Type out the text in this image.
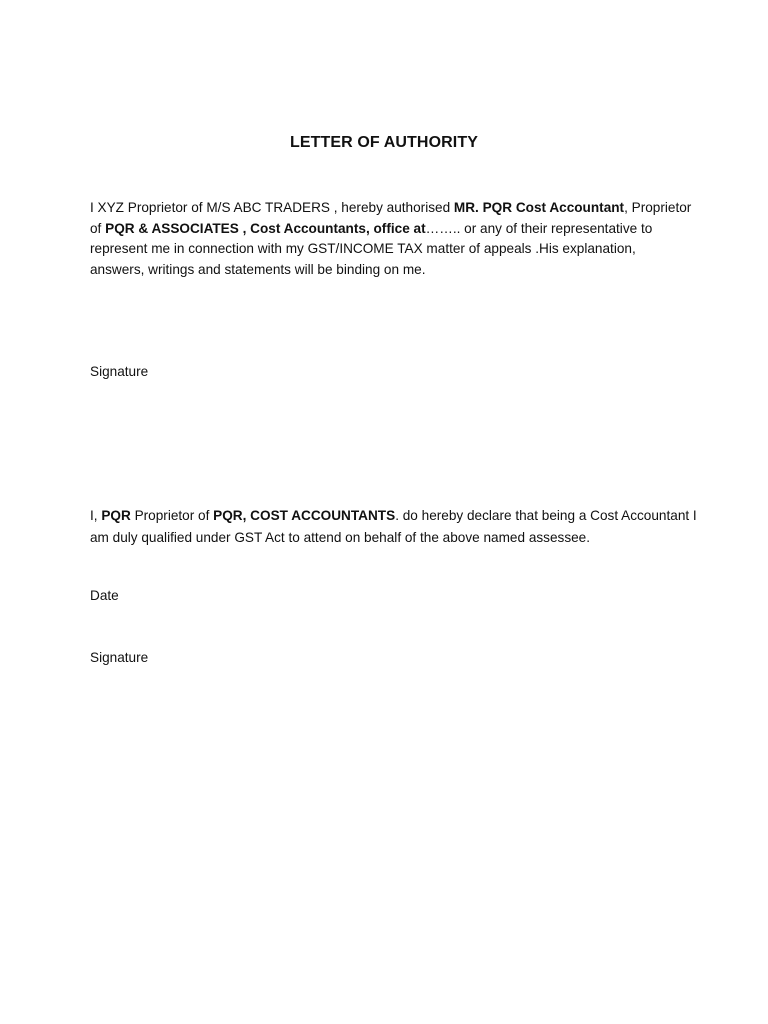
LETTER OF AUTHORITY
I XYZ Proprietor of M/S ABC TRADERS , hereby authorised MR. PQR Cost Accountant, Proprietor
of PQR & ASSOCIATES , Cost Accountants, office at…….. or any of their representative to
represent me in connection with my GST/INCOME TAX matter of appeals .His explanation,
answers, writings and statements will be binding on me.
Signature
I, PQR Proprietor of PQR, COST ACCOUNTANTS. do hereby declare that being a Cost Accountant I
am duly qualified under GST Act to attend on behalf of the above named assessee.
Date
Signature
